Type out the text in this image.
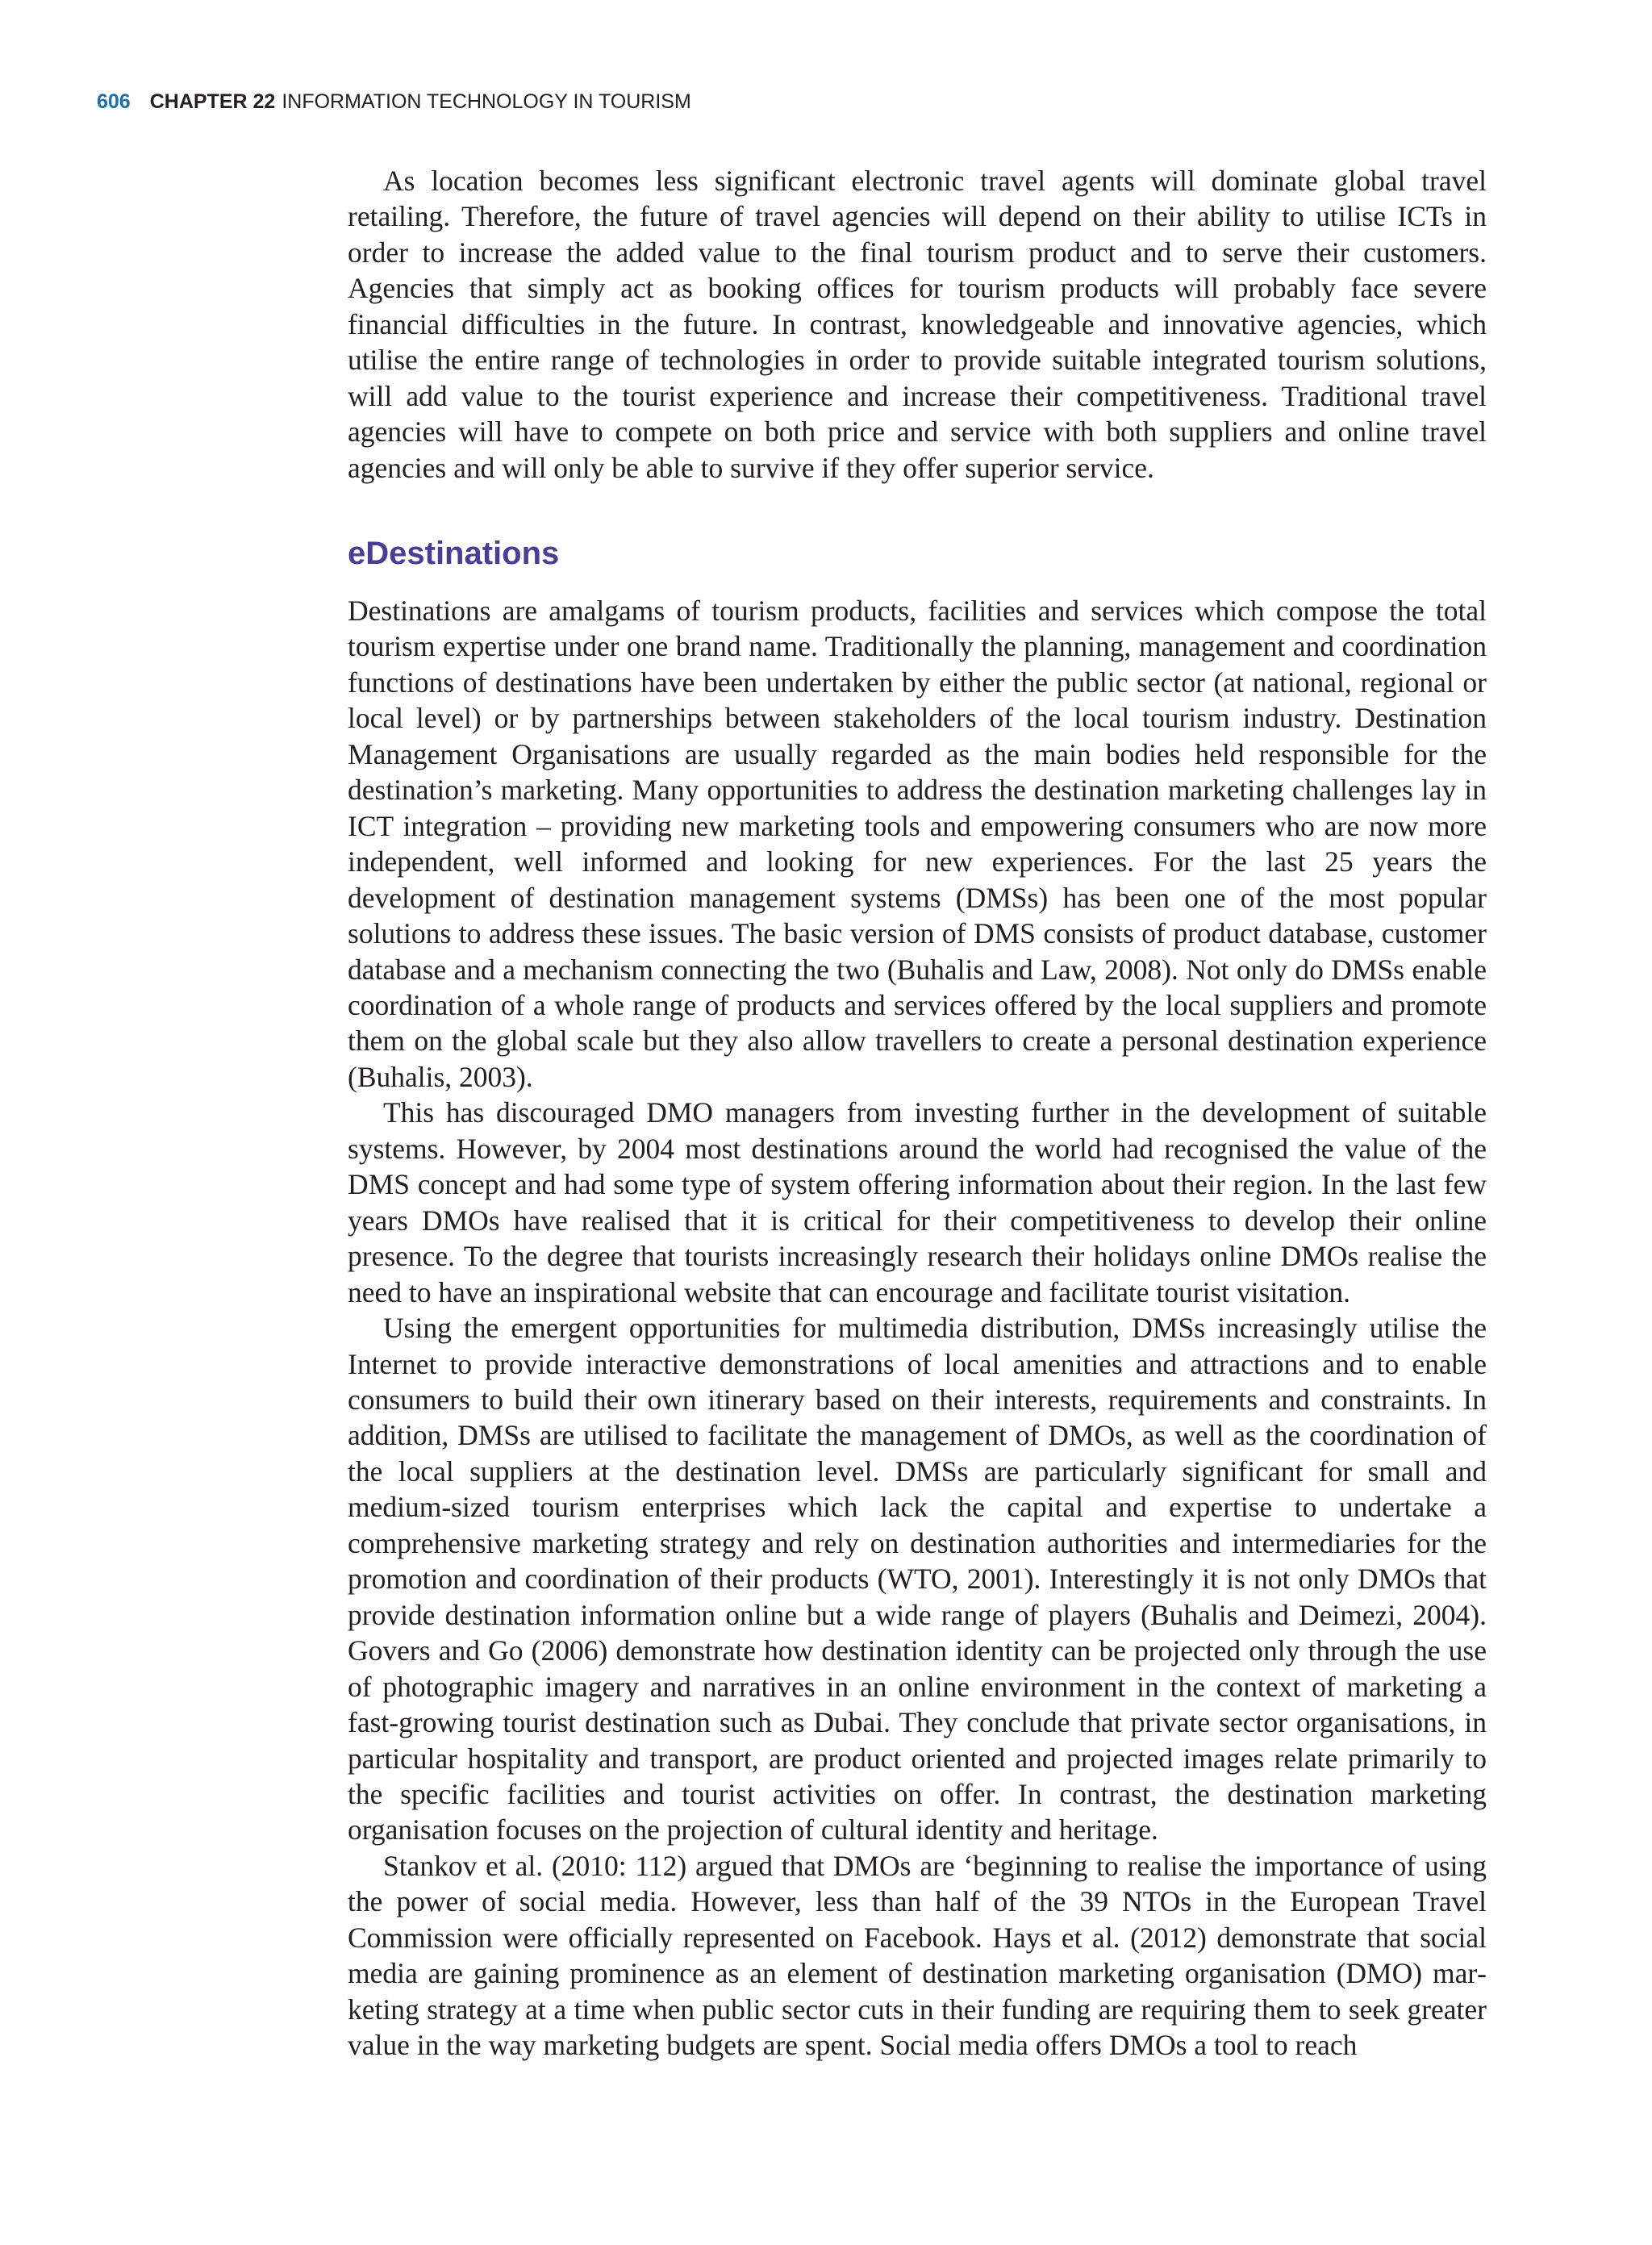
606 CHAPTER 22 INFORMATION TECHNOLOGY IN TOURISM

As location becomes less significant electronic travel agents will dominate global travel retailing. Therefore, the future of travel agencies will depend on their ability to utilise ICTs in order to increase the added value to the final tourism product and to serve their customers. Agencies that simply act as booking offices for tourism products will probably face severe financial difficulties in the future. In contrast, knowledgeable and innovative agencies, which utilise the entire range of technologies in order to provide suitable integrated tourism solutions, will add value to the tourist experience and increase their competitiveness. Traditional travel agencies will have to compete on both price and service with both suppliers and online travel agencies and will only be able to survive if they offer superior service.

eDestinations

Destinations are amalgams of tourism products, facilities and services which compose the total tourism expertise under one brand name. Traditionally the planning, management and coordination functions of destinations have been undertaken by either the public sector (at national, regional or local level) or by partnerships between stakeholders of the local tourism industry. Destination Management Organisations are usually regarded as the main bodies held responsible for the destination’s marketing. Many opportunities to address the destination marketing challenges lay in ICT integration – providing new marketing tools and empowering consumers who are now more independent, well informed and looking for new experiences. For the last 25 years the development of destination management systems (DMSs) has been one of the most popular solutions to address these issues. The basic version of DMS consists of product database, customer database and a mechanism connecting the two (Buhalis and Law, 2008). Not only do DMSs enable coordination of a whole range of products and services offered by the local suppliers and promote them on the global scale but they also allow travellers to create a personal destination experience (Buhalis, 2003).

This has discouraged DMO managers from investing further in the development of suitable systems. However, by 2004 most destinations around the world had recognised the value of the DMS concept and had some type of system offering information about their region. In the last few years DMOs have realised that it is critical for their competitiveness to develop their online presence. To the degree that tourists increasingly research their holidays online DMOs realise the need to have an inspirational website that can encourage and facilitate tourist visitation.

Using the emergent opportunities for multimedia distribution, DMSs increasingly utilise the Internet to provide interactive demonstrations of local amenities and attractions and to enable consumers to build their own itinerary based on their interests, requirements and constraints. In addition, DMSs are utilised to facilitate the management of DMOs, as well as the coordination of the local suppliers at the destination level. DMSs are particularly significant for small and medium-sized tourism enterprises which lack the capital and expertise to undertake a comprehensive marketing strategy and rely on destination authorities and intermediaries for the promotion and coordination of their products (WTO, 2001). Interestingly it is not only DMOs that provide destination information online but a wide range of players (Buhalis and Deimezi, 2004). Govers and Go (2006) demonstrate how destination identity can be projected only through the use of photographic imagery and narratives in an online environment in the context of marketing a fast-growing tourist destination such as Dubai. They conclude that private sector organisations, in particular hospitality and transport, are product oriented and projected images relate primarily to the specific facilities and tourist activities on offer. In contrast, the destination marketing organisation focuses on the projection of cultural identity and heritage.

Stankov et al. (2010: 112) argued that DMOs are ‘beginning to realise the importance of using the power of social media. However, less than half of the 39 NTOs in the European Travel Commission were officially represented on Facebook. Hays et al. (2012) demonstrate that social media are gaining prominence as an element of destination marketing organisation (DMO) marketing strategy at a time when public sector cuts in their funding are requiring them to seek greater value in the way marketing budgets are spent. Social media offers DMOs a tool to reach
